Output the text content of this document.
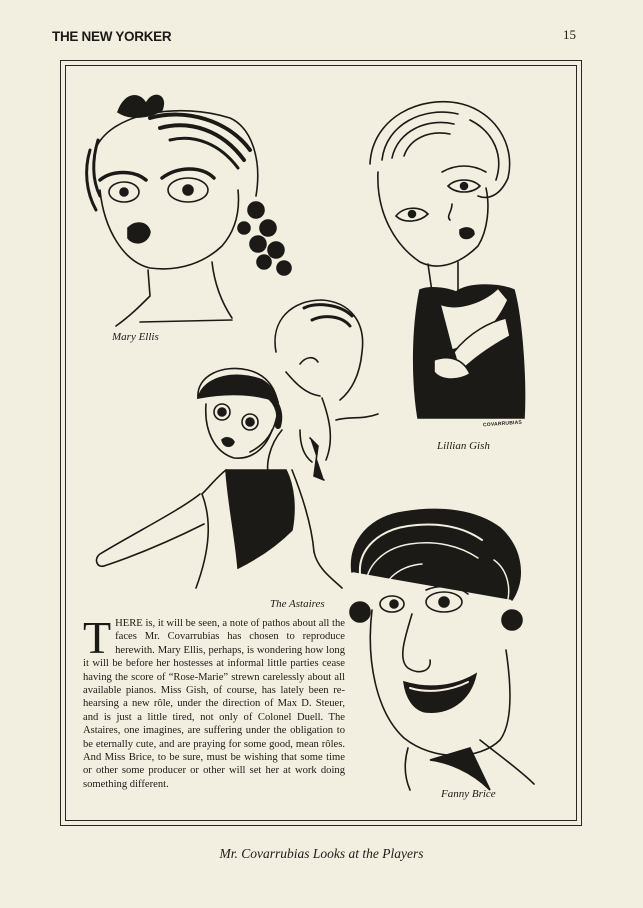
THE NEW YORKER	15
Mary Ellis
Lillian Gish
The Astaires
Fanny Brice
COVARRUBIAS
THERE is, it will be seen, a note of pathos about all the faces Mr. Covarrubias has chosen to reproduce herewith. Mary Ellis, perhaps, is wondering how long it will be before her hostesses at informal little parties cease having the score of “Rose-Marie” strewn carelessly about all available pianos. Miss Gish, of course, has lately been rehearsing a new rôle, under the direction of Max D. Steuer, and is just a little tired, not only of Colonel Duell. The Astaires, one imagines, are suffering under the obligation to be eternally cute, and are praying for some good, mean rôles. And Miss Brice, to be sure, must be wishing that some time or other some producer or other will set her at work doing something different.
Mr. Covarrubias Looks at the Players
